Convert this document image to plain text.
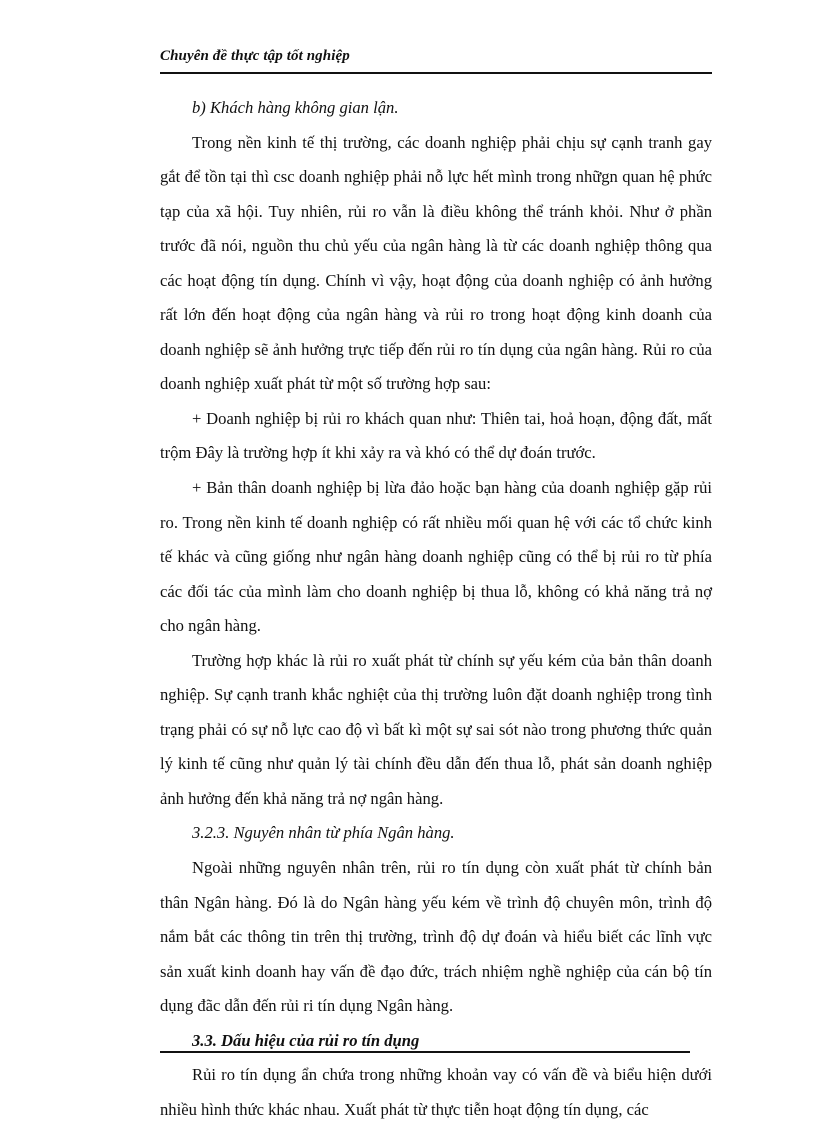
Chuyên đề thực tập tốt nghiệp

b) Khách hàng không gian lận.

Trong nền kinh tế thị trường, các doanh nghiệp phải chịu sự cạnh tranh gay gắt để tồn tại thì csc doanh nghiệp phải nỗ lực hết mình trong nhữgn quan hệ phức tạp của xã hội. Tuy nhiên, rủi ro vẫn là điều không thể tránh khỏi. Như ở phần trước đã nói, nguồn thu chủ yếu của ngân hàng là từ các doanh nghiệp thông qua các hoạt động tín dụng. Chính vì vậy, hoạt động của doanh nghiệp có ảnh hưởng rất lớn đến hoạt động của ngân hàng và rủi ro trong hoạt động kinh doanh của doanh nghiệp sẽ ảnh hưởng trực tiếp đến rủi ro tín dụng của ngân hàng. Rủi ro của doanh nghiệp xuất phát từ một số trường hợp sau:

+ Doanh nghiệp bị rủi ro khách quan như: Thiên tai, hoả hoạn, động đất, mất trộm Đây là trường hợp ít khi xảy ra và khó có thể dự đoán trước.

+ Bản thân doanh nghiệp bị lừa đảo hoặc bạn hàng của doanh nghiệp gặp rủi ro. Trong nền kinh tế doanh nghiệp có rất nhiều mối quan hệ với các tổ chức kinh tế khác và cũng giống như ngân hàng doanh nghiệp cũng có thể bị rủi ro từ phía các đối tác của mình làm cho doanh nghiệp bị thua lỗ, không có khả năng trả nợ cho ngân hàng.

Trường hợp khác là rủi ro xuất phát từ chính sự yếu kém của bản thân doanh nghiệp. Sự cạnh tranh khắc nghiệt của thị trường luôn đặt doanh nghiệp trong tình trạng phải có sự nỗ lực cao độ vì bất kì một sự sai sót nào trong phương thức quản lý kinh tế cũng như quản lý tài chính đều dẫn đến thua lỗ, phát sản doanh nghiệp ảnh hưởng đến khả năng trả nợ ngân hàng.

3.2.3. Nguyên nhân từ phía Ngân hàng.

Ngoài những nguyên nhân trên, rủi ro tín dụng còn xuất phát từ chính bản thân Ngân hàng. Đó là do Ngân hàng yếu kém về trình độ chuyên môn, trình độ nắm bắt các thông tin trên thị trường, trình độ dự đoán và hiểu biết các lĩnh vực sản xuất kinh doanh hay vấn đề đạo đức, trách nhiệm nghề nghiệp của cán bộ tín dụng đãc dẫn đến rủi ri tín dụng Ngân hàng.

3.3. Dấu hiệu của rủi ro tín dụng

Rủi ro tín dụng ẩn chứa trong những khoản vay có vấn đề và biểu hiện dưới nhiều hình thức khác nhau. Xuất phát từ thực tiễn hoạt động tín dụng, các
